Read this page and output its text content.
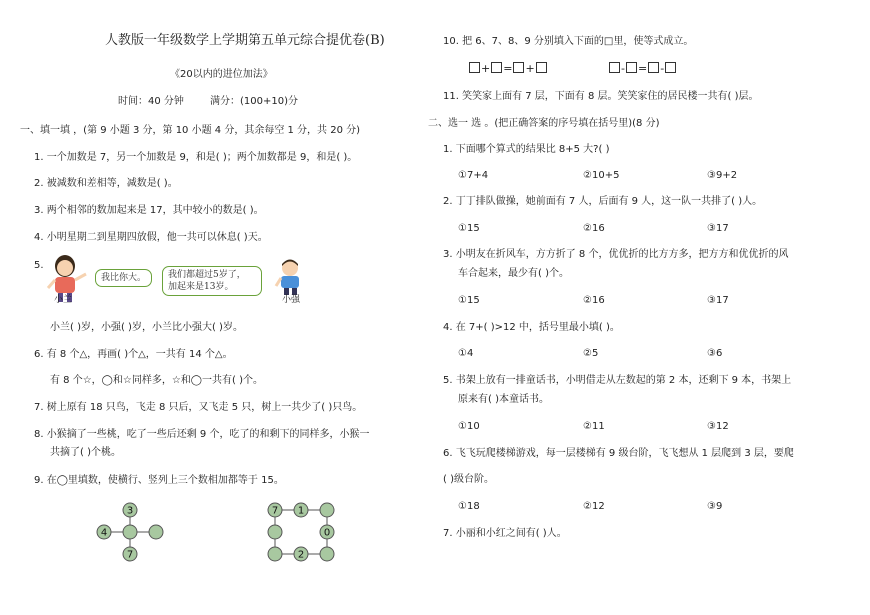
人教版一年级数学上学期第五单元综合提优卷(B)
《20以内的进位加法》
时间：40 分钟	满分：(100+10)分
一、填一填 ，(第 9 小题 3 分，第 10 小题 4 分，其余每空 1 分，共 20 分)
1. 一个加数是 7，另一个加数是 9，和是( )；两个加数都是 9，和是( )。
2. 被减数和差相等，减数是( )。
3. 两个相邻的数加起来是 17，其中较小的数是( )。
4. 小明星期二到星期四放假，他一共可以休息( )天。
5.
小兰
我比你大。	我们都超过5岁了，
加起来是13岁。
小强
小兰( )岁，小强( )岁，小兰比小强大( )岁。
6. 有 8 个△，再画( )个△，一共有 14 个△。
有 8 个☆，◯和☆同样多，☆和◯一共有( )个。
7. 树上原有 18 只鸟，飞走 8 只后，又飞走 5 只，树上一共少了( )只鸟。
8. 小猴摘了一些桃，吃了一些后还剩 9 个，吃了的和剩下的同样多，小猴一
共摘了( )个桃。
9. 在◯里填数，使横行、竖列上三个数相加都等于 15。
3
4
7
7 1
0
2
10. 把 6、7、8、9 分别填入下面的□里，使等式成立。
+ = +	- = -
11. 笑笑家上面有 7 层，下面有 8 层。笑笑家住的居民楼一共有( )层。
二、选一 选 。(把正确答案的序号填在括号里)(8 分)
1. 下面哪个算式的结果比 8+5 大?( )
①7+4	②10+5	③9+2
2. 丁丁排队做操，她前面有 7 人，后面有 9 人，这一队一共排了( )人。
①15	②16	③17
3. 小明友在折风车，方方折了 8 个，优优折的比方方多，把方方和优优折的风
车合起来，最少有( )个。
①15	②16	③17
4. 在 7+( )>12 中，括号里最小填( )。
①4	②5	③6
5. 书架上放有一排童话书，小明借走从左数起的第 2 本，还剩下 9 本，书架上
原来有( )本童话书。
①10	②11	③12
6. 飞飞玩爬楼梯游戏，每一层楼梯有 9 级台阶，飞飞想从 1 层爬到 3 层，要爬
( )级台阶。
①18	②12	③9
7. 小丽和小红之间有( )人。
